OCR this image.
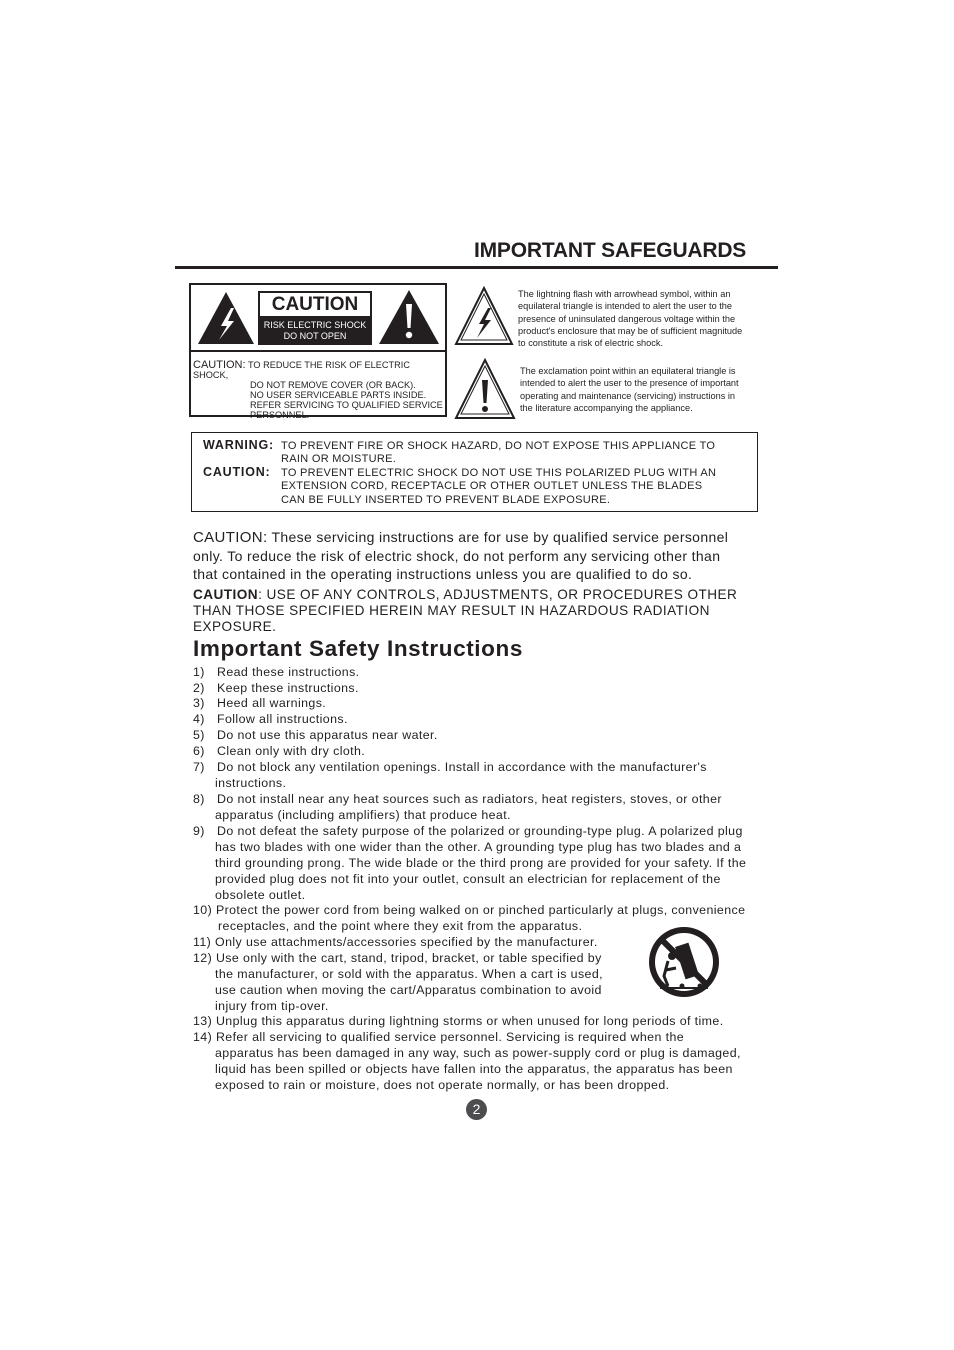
IMPORTANT SAFEGUARDS
CAUTION
RISK ELECTRIC SHOCK
DO NOT OPEN
CAUTION: TO REDUCE THE RISK OF ELECTRIC SHOCK,
DO NOT REMOVE COVER (OR BACK).
NO USER SERVICEABLE PARTS INSIDE.
REFER SERVICING TO QUALIFIED SERVICE
PERSONNEL.
The lightning flash with arrowhead symbol, within an
equilateral triangle is intended to alert the user to the
presence of uninsulated dangerous voltage within the
product's enclosure that may be of sufficient magnitude
to constitute a risk of electric shock.
The exclamation point within an equilateral triangle is
intended to alert the user to the presence of important
operating and maintenance (servicing) instructions in
the literature accompanying the appliance.
WARNING: TO PREVENT FIRE OR SHOCK HAZARD, DO NOT EXPOSE THIS APPLIANCE TO
RAIN OR MOISTURE.
CAUTION: TO PREVENT ELECTRIC SHOCK DO NOT USE THIS POLARIZED PLUG WITH AN
EXTENSION CORD, RECEPTACLE OR OTHER OUTLET UNLESS THE BLADES
CAN BE FULLY INSERTED TO PREVENT BLADE EXPOSURE.
CAUTION: These servicing instructions are for use by qualified service personnel
only. To reduce the risk of electric shock, do not perform any servicing other than
that contained in the operating instructions unless you are qualified to do so.
CAUTION: USE OF ANY CONTROLS, ADJUSTMENTS, OR PROCEDURES OTHER
THAN THOSE SPECIFIED HEREIN MAY RESULT IN HAZARDOUS RADIATION
EXPOSURE.
Important Safety Instructions
1) Read these instructions.
2) Keep these instructions.
3) Heed all warnings.
4) Follow all instructions.
5) Do not use this apparatus near water.
6) Clean only with dry cloth.
7) Do not block any ventilation openings. Install in accordance with the manufacturer's
instructions.
8) Do not install near any heat sources such as radiators, heat registers, stoves, or other
apparatus (including amplifiers) that produce heat.
9) Do not defeat the safety purpose of the polarized or grounding-type plug. A polarized plug
has two blades with one wider than the other. A grounding type plug has two blades and a
third grounding prong. The wide blade or the third prong are provided for your safety. If the
provided plug does not fit into your outlet, consult an electrician for replacement of the
obsolete outlet.
10) Protect the power cord from being walked on or pinched particularly at plugs, convenience
receptacles, and the point where they exit from the apparatus.
11) Only use attachments/accessories specified by the manufacturer.
12) Use only with the cart, stand, tripod, bracket, or table specified by
the manufacturer, or sold with the apparatus. When a cart is used,
use caution when moving the cart/Apparatus combination to avoid
injury from tip-over.
13) Unplug this apparatus during lightning storms or when unused for long periods of time.
14) Refer all servicing to qualified service personnel. Servicing is required when the
apparatus has been damaged in any way, such as power-supply cord or plug is damaged,
liquid has been spilled or objects have fallen into the apparatus, the apparatus has been
exposed to rain or moisture, does not operate normally, or has been dropped.
2
